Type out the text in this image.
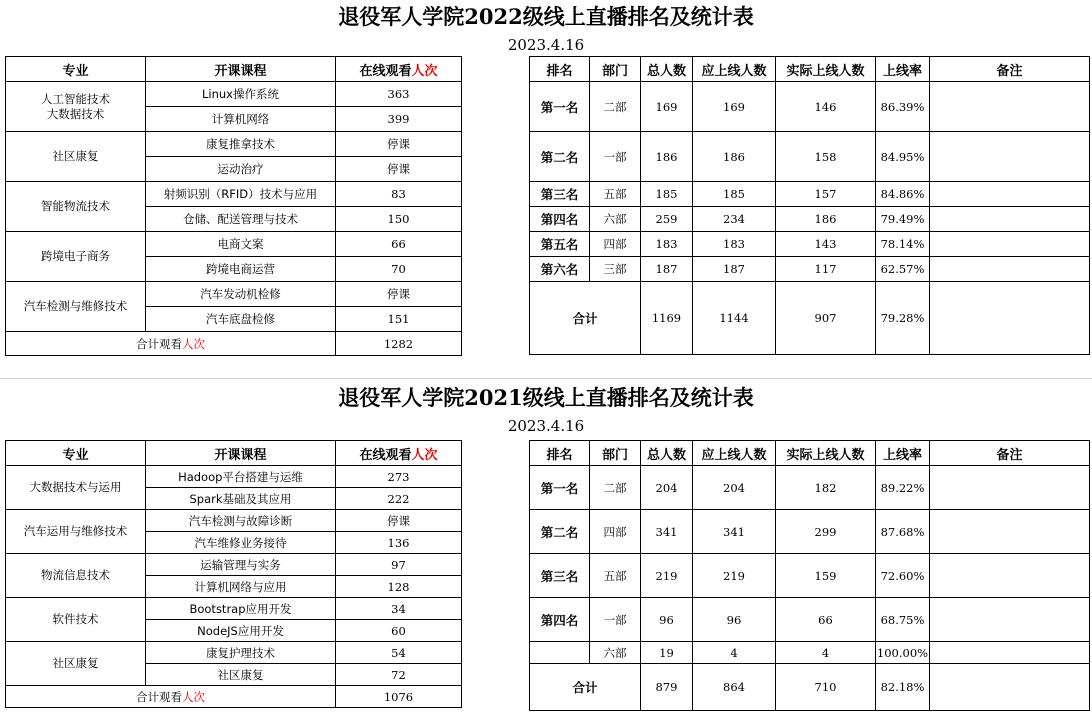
退役军人学院2022级线上直播排名及统计表
2023.4.16
专业	开课课程	在线观看人次
人工智能技术
大数据技术	Linux操作系统	363
	计算机网络	399
社区康复	康复推拿技术	停课
	运动治疗	停课
智能物流技术	射频识别（RFID）技术与应用	83
	仓储、配送管理与技术	150
跨境电子商务	电商文案	66
	跨境电商运营	70
汽车检测与维修技术	汽车发动机检修	停课
	汽车底盘检修	151
合计观看人次		1282
排名	部门	总人数	应上线人数	实际上线人数	上线率	备注
第一名	二部	169	169	146	86.39%	
第二名	一部	186	186	158	84.95%	
第三名	五部	185	185	157	84.86%	
第四名	六部	259	234	186	79.49%	
第五名	四部	183	183	143	78.14%	
第六名	三部	187	187	117	62.57%	
合计		1169	1144	907	79.28%	
退役军人学院2021级线上直播排名及统计表
2023.4.16
专业	开课课程	在线观看人次
大数据技术与运用	Hadoop平台搭建与运维	273
	Spark基础及其应用	222
汽车运用与维修技术	汽车检测与故障诊断	停课
	汽车维修业务接待	136
物流信息技术	运输管理与实务	97
	计算机网络与应用	128
软件技术	Bootstrap应用开发	34
	NodeJS应用开发	60
社区康复	康复护理技术	54
	社区康复	72
合计观看人次		1076
排名	部门	总人数	应上线人数	实际上线人数	上线率	备注
第一名	二部	204	204	182	89.22%	
第二名	四部	341	341	299	87.68%	
第三名	五部	219	219	159	72.60%	
第四名	一部	96	96	66	68.75%	
	六部	19	4	4	100.00%	
合计		879	864	710	82.18%	
